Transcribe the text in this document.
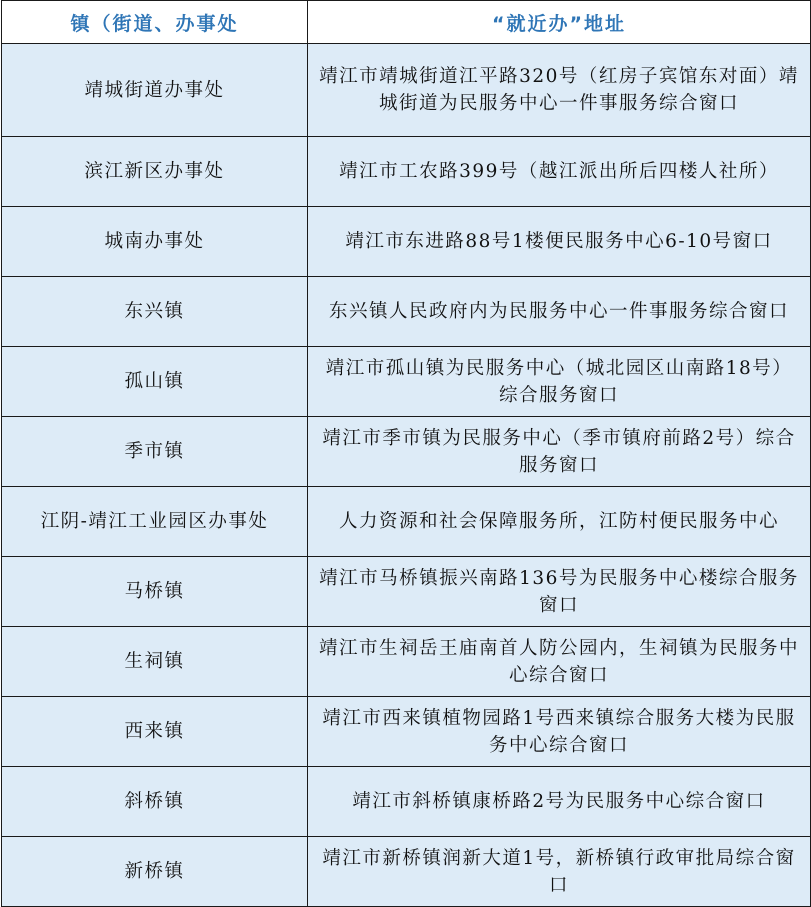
镇（街道、办事处	“就近办”地址
靖城街道办事处	靖江市靖城街道江平路320号（红房子宾馆东对面）靖城街道为民服务中心一件事服务综合窗口
滨江新区办事处	靖江市工农路399号（越江派出所后四楼人社所）
城南办事处	靖江市东进路88号1楼便民服务中心6-10号窗口
东兴镇	东兴镇人民政府内为民服务中心一件事服务综合窗口
孤山镇	靖江市孤山镇为民服务中心（城北园区山南路18号）综合服务窗口
季市镇	靖江市季市镇为民服务中心（季市镇府前路2号）综合服务窗口
江阴-靖江工业园区办事处	人力资源和社会保障服务所，江防村便民服务中心
马桥镇	靖江市马桥镇振兴南路136号为民服务中心楼综合服务窗口
生祠镇	靖江市生祠岳王庙南首人防公园内，生祠镇为民服务中心综合窗口
西来镇	靖江市西来镇植物园路1号西来镇综合服务大楼为民服务中心综合窗口
斜桥镇	靖江市斜桥镇康桥路2号为民服务中心综合窗口
新桥镇	靖江市新桥镇润新大道1号，新桥镇行政审批局综合窗口
